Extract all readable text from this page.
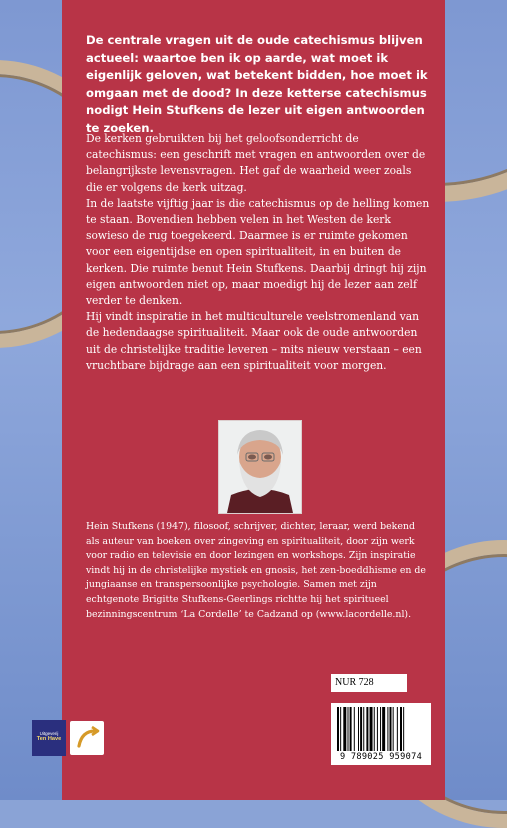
De centrale vragen uit de oude catechismus blijven actueel: waartoe ben ik op aarde, wat moet ik eigenlijk geloven, wat betekent bidden, hoe moet ik omgaan met de dood? In deze ketterse catechismus nodigt Hein Stufkens de lezer uit eigen antwoorden te zoeken.

De kerken gebruikten bij het geloofsonderricht de catechismus: een geschrift met vragen en antwoorden over de belangrijkste levensvragen. Het gaf de waarheid weer zoals die er volgens de kerk uitzag.

In de laatste vijftig jaar is die catechismus op de helling komen te staan. Bovendien hebben velen in het Westen de kerk sowieso de rug toegekeerd. Daarmee is er ruimte gekomen voor een eigentijdse en open spiritualiteit, in en buiten de kerken. Die ruimte benut Hein Stufkens. Daarbij dringt hij zijn eigen antwoorden niet op, maar moedigt hij de lezer aan zelf verder te denken.

Hij vindt inspiratie in het multiculturele veelstromenland van de hedendaagse spiritualiteit. Maar ook de oude antwoorden uit de christelijke traditie leveren – mits nieuw verstaan – een vruchtbare bijdrage aan een spiritualiteit voor morgen.

Hein Stufkens (1947), filosoof, schrijver, dichter, leraar, werd bekend als auteur van boeken over zingeving en spiritualiteit, door zijn werk voor radio en televisie en door lezingen en workshops. Zijn inspiratie vindt hij in de christelijke mystiek en gnosis, het zen-boeddhisme en de jungiaanse en transpersoonlijke psychologie. Samen met zijn echtgenote Brigitte Stufkens-Geerlings richtte hij het spiritueel bezinningscentrum ‘La Cordelle’ te Cadzand op (www.lacordelle.nl).

NUR 728
9 789025 959074
Uitgeverij
Ten Have
